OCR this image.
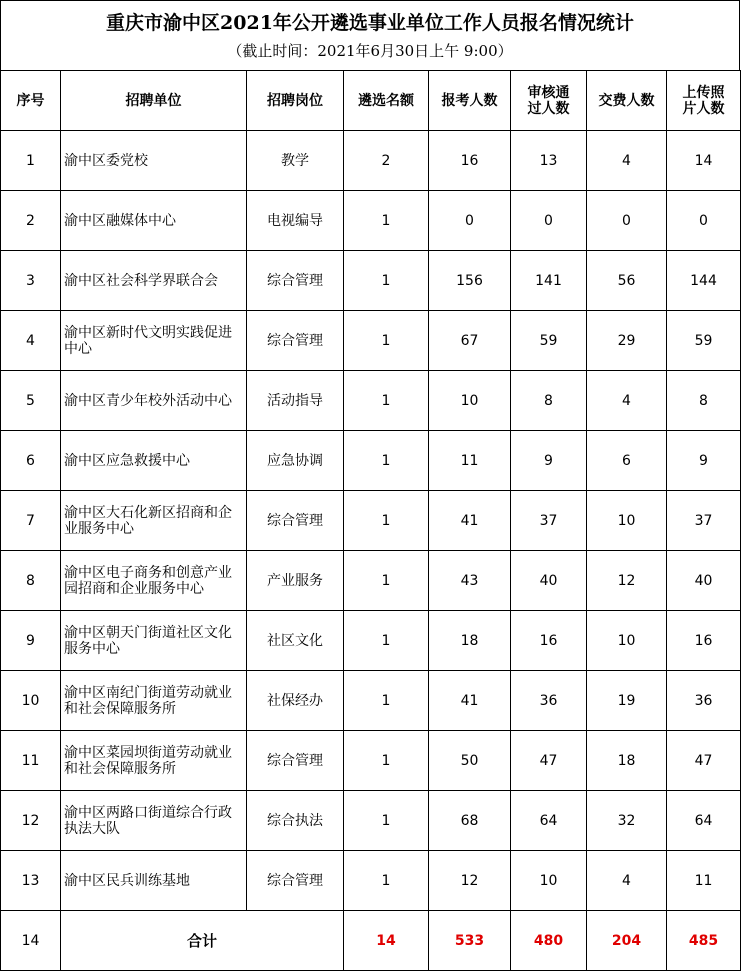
重庆市渝中区2021年公开遴选事业单位工作人员报名情况统计
（截止时间：2021年6月30日上午 9:00）
序号	招聘单位	招聘岗位	遴选名额	报考人数	审核通过人数	交费人数	上传照片人数
1	渝中区委党校	教学	2	16	13	4	14
2	渝中区融媒体中心	电视编导	1	0	0	0	0
3	渝中区社会科学界联合会	综合管理	1	156	141	56	144
4	渝中区新时代文明实践促进中心	综合管理	1	67	59	29	59
5	渝中区青少年校外活动中心	活动指导	1	10	8	4	8
6	渝中区应急救援中心	应急协调	1	11	9	6	9
7	渝中区大石化新区招商和企业服务中心	综合管理	1	41	37	10	37
8	渝中区电子商务和创意产业园招商和企业服务中心	产业服务	1	43	40	12	40
9	渝中区朝天门街道社区文化服务中心	社区文化	1	18	16	10	16
10	渝中区南纪门街道劳动就业和社会保障服务所	社保经办	1	41	36	19	36
11	渝中区菜园坝街道劳动就业和社会保障服务所	综合管理	1	50	47	18	47
12	渝中区两路口街道综合行政执法大队	综合执法	1	68	64	32	64
13	渝中区民兵训练基地	综合管理	1	12	10	4	11
14	合计		14	533	480	204	485
